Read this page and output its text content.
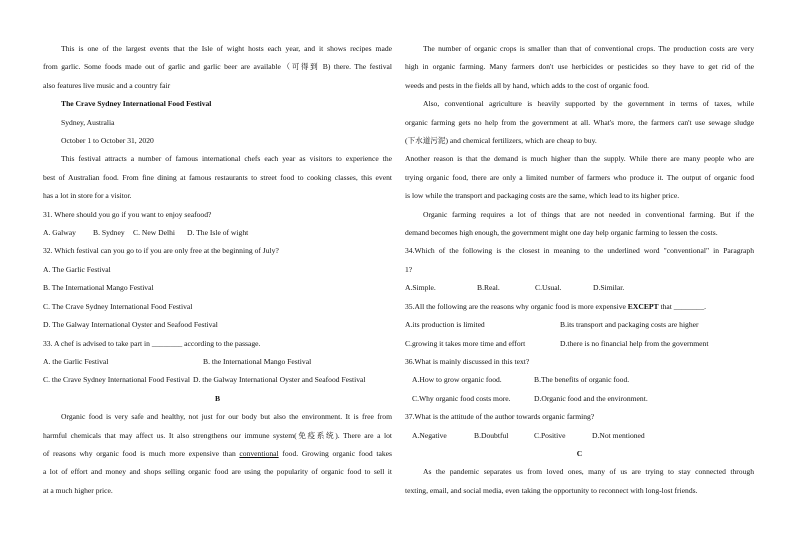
This is one of the largest events that the Isle of wight hosts each year, and it shows recipes made

from garlic. Some foods made out of garlic and garlic beer are available（可得到 B) there. The festival

also features live music and a country fair

The Crave Sydney International Food Festival

Sydney, Australia

October 1 to October 31, 2020

This festival attracts a number of famous international chefs each year as visitors to experience the

best of Australian food. From fine dining at famous restaurants to street food to cooking classes, this event

has a lot in store for a visitor.

31. Where should you go if you want to enjoy seafood?

A. Galway	B. Sydney	C. New Delhi	D. The Isle of wight

32. Which festival can you go to if you are only free at the beginning of July?

A. The Garlic Festival

B. The International Mango Festival

C. The Crave Sydney International Food Festival

D. The Galway International Oyster and Seafood Festival

33. A chef is advised to take part in ________ according to the passage.

A. the Garlic Festival	B. the International Mango Festival
C. the Crave Sydney International Food Festival D. the Galway International Oyster and Seafood Festival

B

Organic food is very safe and healthy, not just for our body but also the environment. It is free from

harmful chemicals that may affect us. It also strengthens our immune system(免疫系统). There are a lot

of reasons why organic food is much more expensive than conventional food. Growing organic food takes

a lot of effort and money and shops selling organic food are using the popularity of organic food to sell it

at a much higher price.

The number of organic crops is smaller than that of conventional crops. The production costs are very

high in organic farming. Many farmers don't use herbicides or pesticides so they have to get rid of the

weeds and pests in the fields all by hand, which adds to the cost of organic food.

Also, conventional agriculture is heavily supported by the government in terms of taxes, while

organic farming gets no help from the government at all. What's more, the farmers can't use sewage sludge

(下水道污泥) and chemical fertilizers, which are cheap to buy.

Another reason is that the demand is much higher than the supply. While there are many people who are

trying organic food, there are only a limited number of farmers who produce it. The output of organic food

is low while the transport and packaging costs are the same, which lead to its higher price.

Organic farming requires a lot of things that are not needed in conventional farming. But if the

demand becomes high enough, the government might one day help organic farming to lessen the costs.

34.Which of the following is the closest in meaning to the underlined word "conventional" in Paragraph

1?

A.Simple.	B.Real.	C.Usual.	D.Similar.

35.All the following are the reasons why organic food is more expensive EXCEPT that ________.

A.its production is limited	B.its transport and packaging costs are higher
C.growing it takes more time and effort	D.there is no financial help from the government

36.What is mainly discussed in this text?

A.How to grow organic food.	B.The benefits of organic food.
C.Why organic food costs more.	D.Organic food and the environment.

37.What is the attitude of the author towards organic farming?

A.Negative	B.Doubtful	C.Positive	D.Not mentioned

C

As the pandemic separates us from loved ones, many of us are trying to stay connected through

texting, email, and social media, even taking the opportunity to reconnect with long-lost friends.
